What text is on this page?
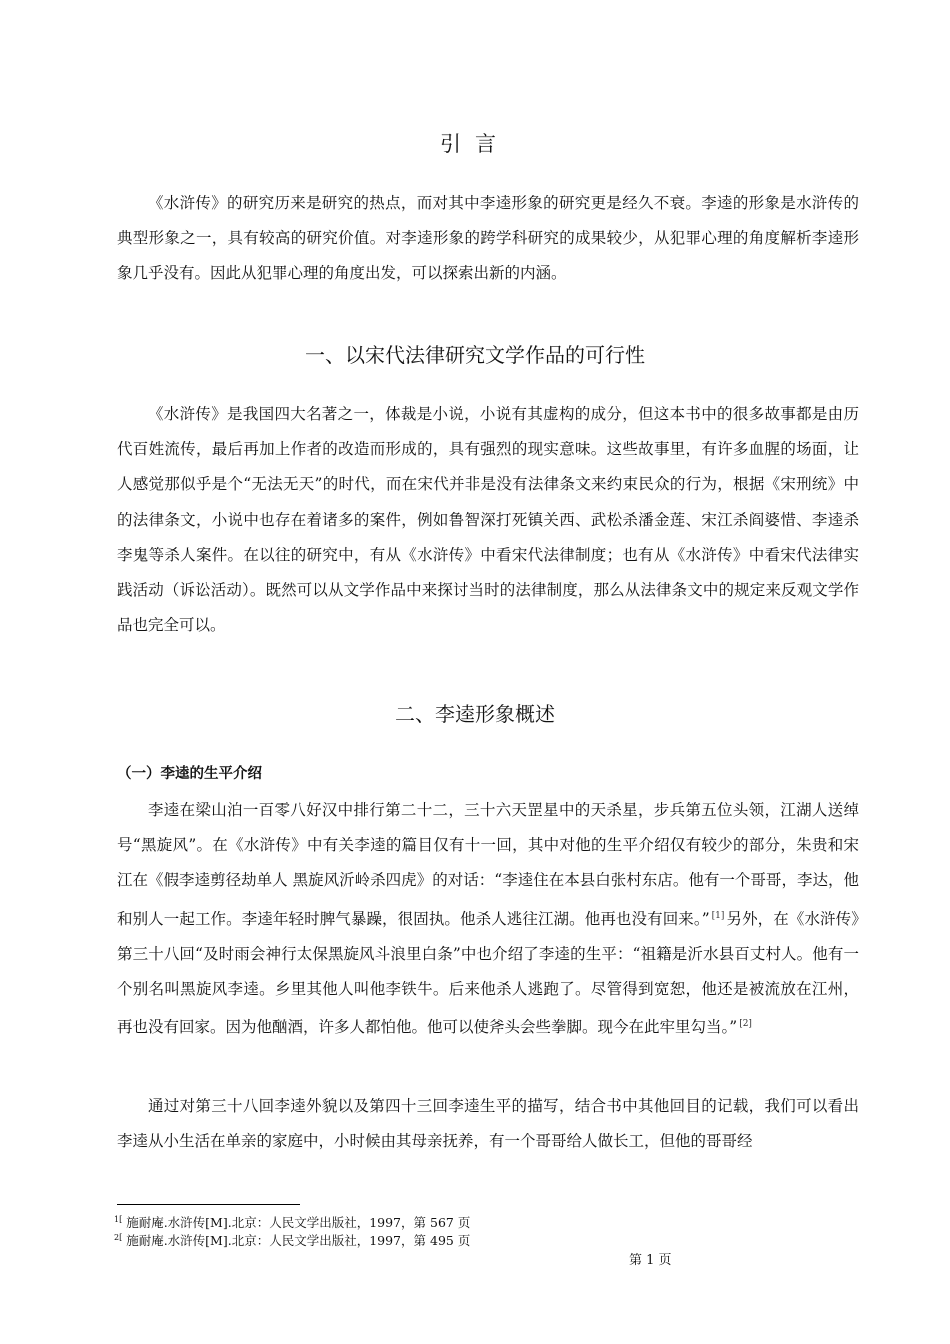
引言

《水浒传》的研究历来是研究的热点，而对其中李逵形象的研究更是经久不衰。李逵的形象是水浒传的典型形象之一，具有较高的研究价值。对李逵形象的跨学科研究的成果较少，从犯罪心理的角度解析李逵形象几乎没有。因此从犯罪心理的角度出发，可以探索出新的内涵。

一、以宋代法律研究文学作品的可行性

《水浒传》是我国四大名著之一，体裁是小说，小说有其虚构的成分，但这本书中的很多故事都是由历代百姓流传，最后再加上作者的改造而形成的，具有强烈的现实意味。这些故事里，有许多血腥的场面，让人感觉那似乎是个“无法无天”的时代，而在宋代并非是没有法律条文来约束民众的行为，根据《宋刑统》中的法律条文，小说中也存在着诸多的案件，例如鲁智深打死镇关西、武松杀潘金莲、宋江杀阎婆惜、李逵杀李鬼等杀人案件。在以往的研究中，有从《水浒传》中看宋代法律制度；也有从《水浒传》中看宋代法律实践活动（诉讼活动）。既然可以从文学作品中来探讨当时的法律制度，那么从法律条文中的规定来反观文学作品也完全可以。

二、李逵形象概述
（一）李逵的生平介绍

李逵在梁山泊一百零八好汉中排行第二十二，三十六天罡星中的天杀星，步兵第五位头领，江湖人送绰号“黑旋风”。在《水浒传》中有关李逵的篇目仅有十一回，其中对他的生平介绍仅有较少的部分，朱贵和宋江在《假李逵剪径劫单人 黑旋风沂岭杀四虎》的对话：“李逵住在本县白张村东店。他有一个哥哥，李达，他和别人一起工作。李逵年轻时脾气暴躁，很固执。他杀人逃往江湖。他再也没有回来。” [1] 另外，在《水浒传》第三十八回“及时雨会神行太保黑旋风斗浪里白条”中也介绍了李逵的生平：“祖籍是沂水县百丈村人。他有一个别名叫黑旋风李逵。乡里其他人叫他李铁牛。后来他杀人逃跑了。尽管得到宽恕，他还是被流放在江州，再也没有回家。因为他酗酒，许多人都怕他。他可以使斧头会些拳脚。现今在此牢里勾当。” [2]

通过对第三十八回李逵外貌以及第四十三回李逵生平的描写，结合书中其他回目的记载，我们可以看出李逵从小生活在单亲的家庭中，小时候由其母亲抚养，有一个哥哥给人做长工，但他的哥哥经

$^{1[}$ 施耐庵.水浒传[M].北京：人民文学出版社，1997，第 567 页
$^{2[}$ 施耐庵.水浒传[M].北京：人民文学出版社，1997，第 495 页
第 1 页
